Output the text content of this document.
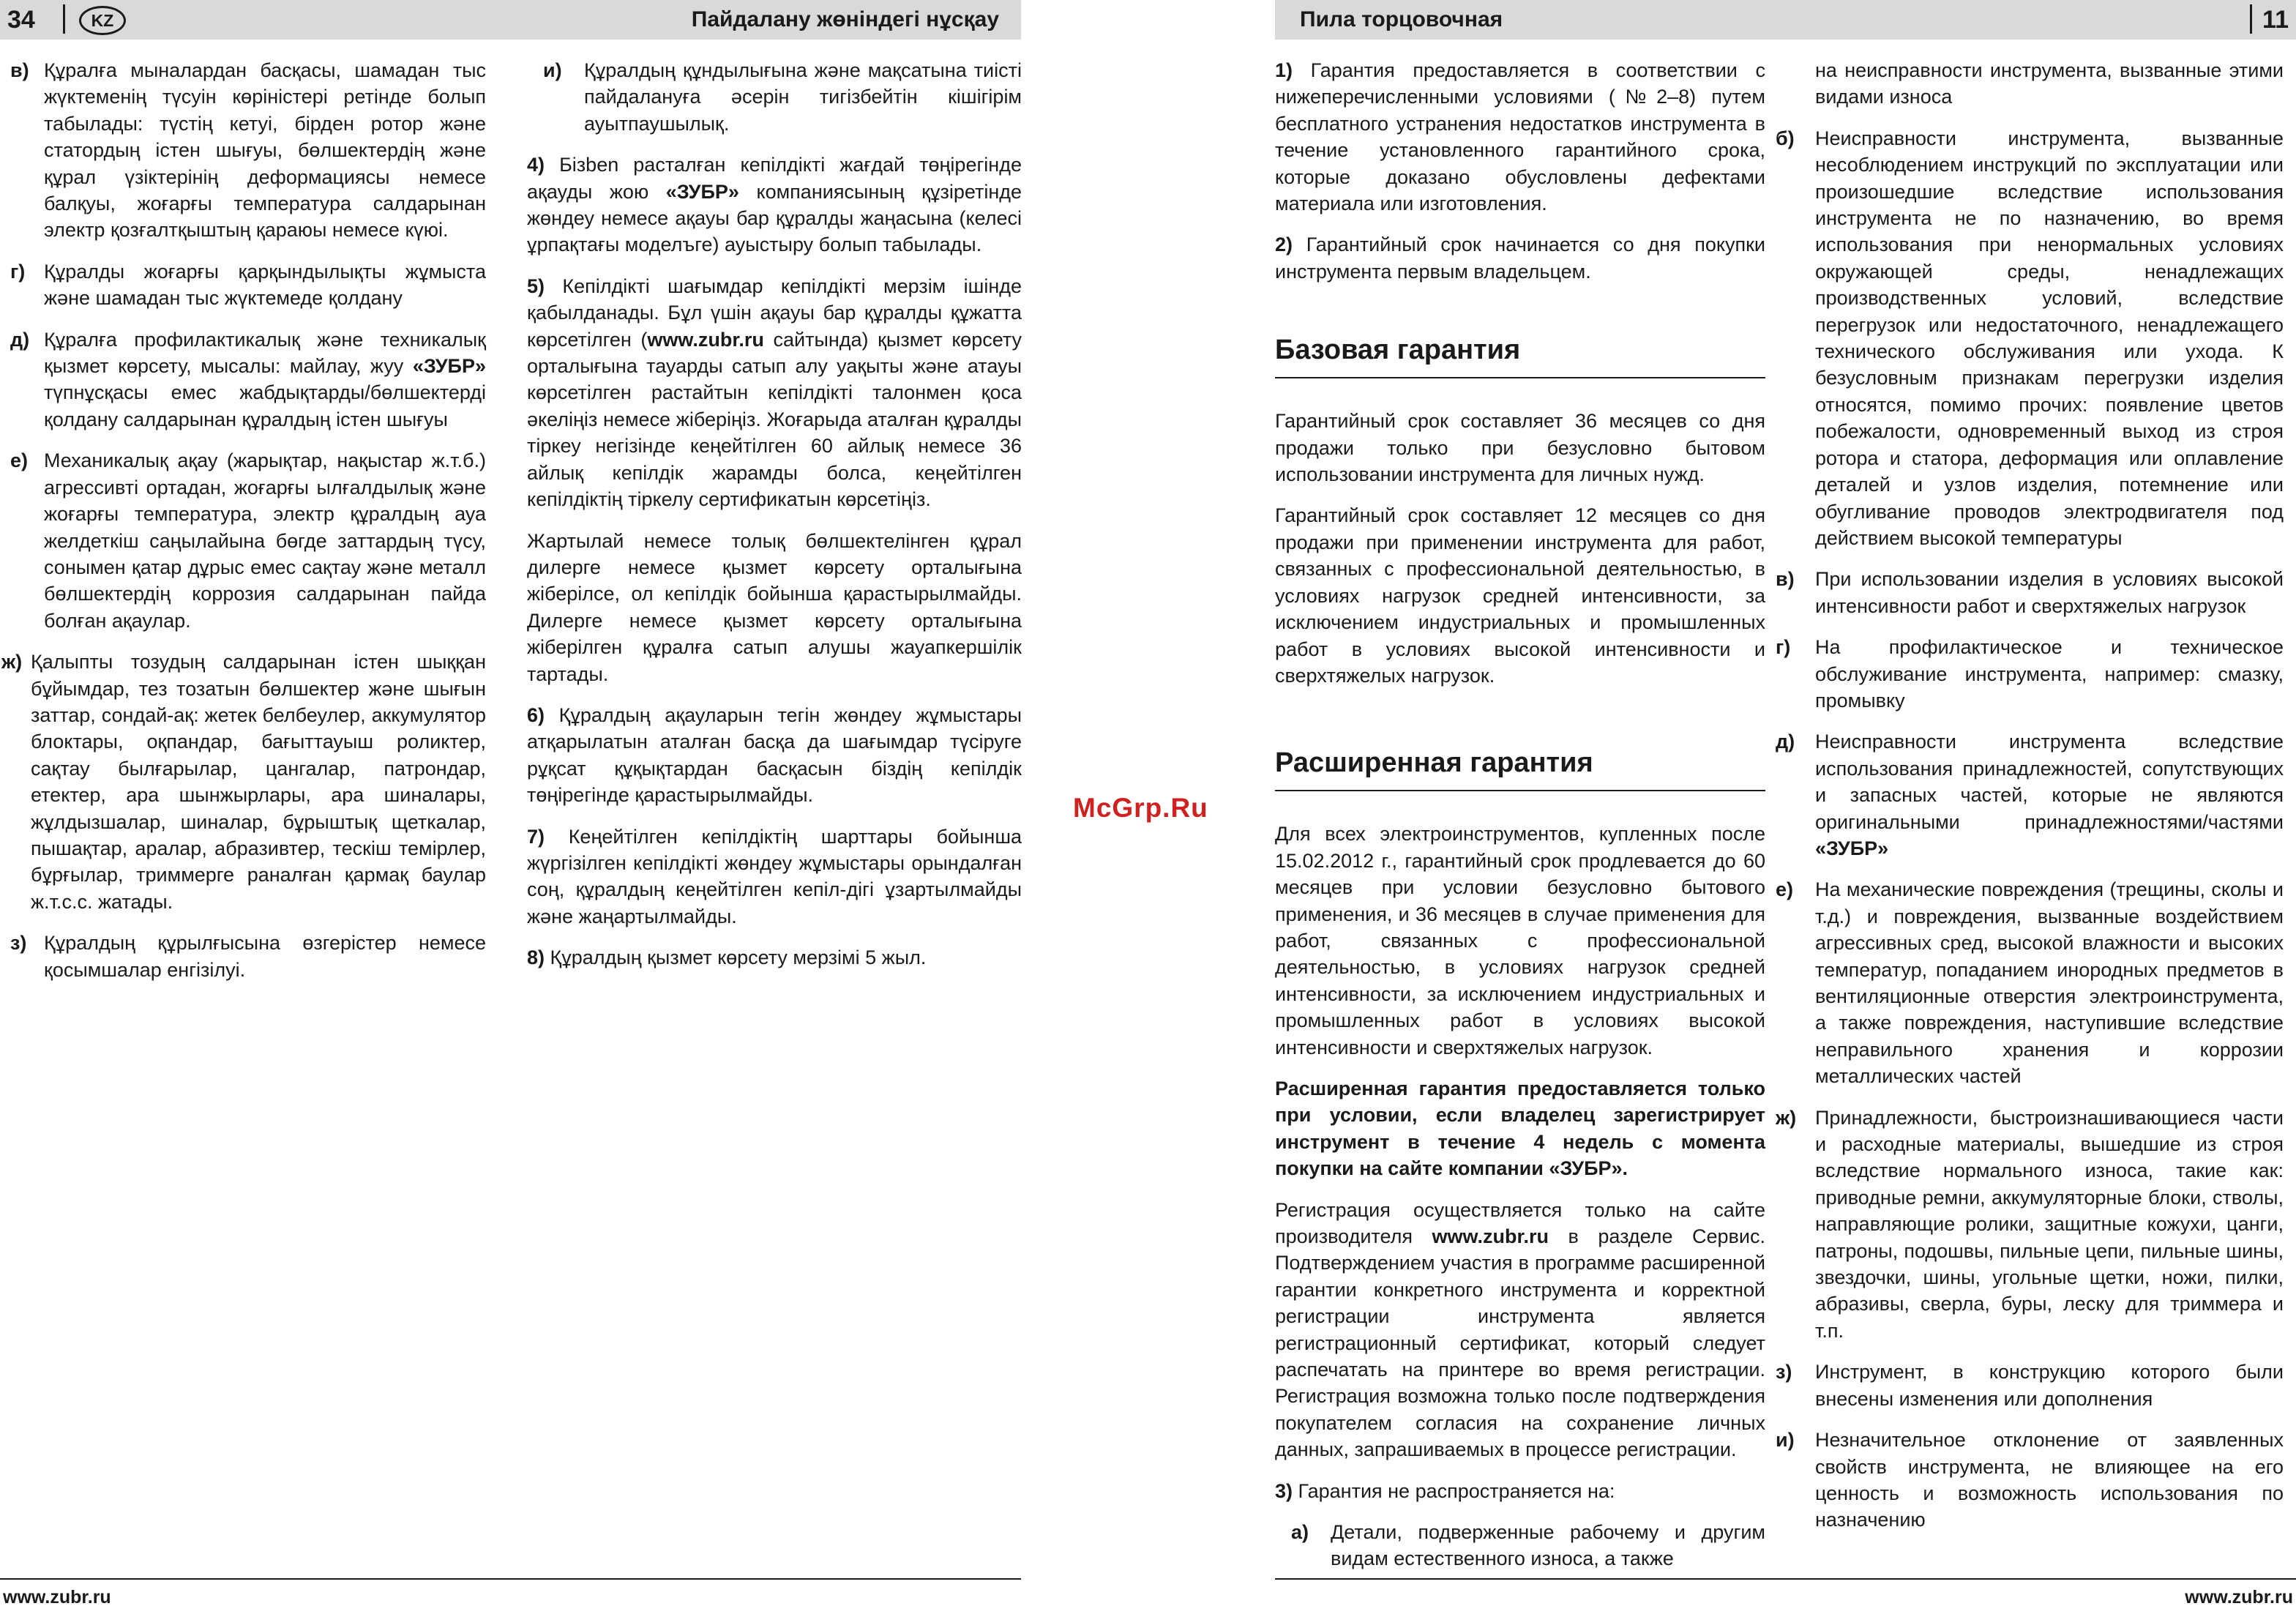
34	KZ	Пайдалану жөніндегі нұсқау
в) Құралға мыналардан басқасы, шамадан тыс жүктеменің түсуін көріністері ретінде болып табылады: түстің кетуі, бірден ротор және статордың істен шығуы, бөлшектердің және құрал үзіктерінің деформациясы немесе балқуы, жоғарғы температура салдарынан электр қозғалтқыштың қараюы немесе күюі.
г) Құралды жоғарғы қарқындылықты жұмыста және шамадан тыс жүктемеде қолдану
д) Құралға профилактикалық және техникалық қызмет көрсету, мысалы: майлау, жуу «ЗУБР» түпнұсқасы емес жабдықтарды/бөлшектерді қолдану салдарынан құралдың істен шығуы
е) Механикалық ақау (жарықтар, нақыстар ж.т.б.) агрессивті ортадан, жоғарғы ылғалдылық және жоғарғы температура, электр құралдың ауа желдеткіш саңылайына бөгде заттардың түсу, сонымен қатар дұрыс емес сақтау және металл бөлшектердің коррозия салдарынан пайда болған ақаулар.
ж) Қалыпты тозудың салдарынан істен шыққан бұйымдар, тез тозатын бөлшектер және шығын заттар, сондай-ақ: жетек белбеулер, аккумулятор блоктары, оқпандар, бағыттауыш роликтер, сақтау былғарылар, цангалар, патрондар, етектер, ара шынжырлары, ара шиналары, жұлдызшалар, шиналар, бұрыштық щеткалар, пышақтар, аралар, абразивтер, тескіш темірлер, бұрғылар, триммерге раналған қармақ баулар ж.т.с.с. жатады.
з) Құралдың құрылғысына өзгерістер немесе қосымшалар енгізілуі.
и)	Құралдың құндылығына және мақсатына тиісті пайдалануға әсерін тигізбейтін кішігірім ауытпаушылық.

4) Бізben расталған кепілдікті жағдай төңірегінде ақауды жою «ЗУБР» компаниясының құзіретінде жөндеу немесе ақауы бар құралды жаңасына (келесі ұрпақтағы моделъге) ауыстыру болып табылады.

5) Кепілдікті шағымдар кепілдікті мерзім ішінде қабылданады. Бұл үшін ақауы бар құралды құжатта көрсетілген (www.zubr.ru сайтында) қызмет көрсету орталығына тауарды сатып алу уақыты және атауы көрсетілген растайтын кепілдікті талонмен қоса әкеліңіз немесе жіберіңіз. Жоғарыда аталған құралды тіркеу негізінде кеңейтілген 60 айлық немесе 36 айлық кепілдік жарамды болса, кеңейтілген кепілдіктің тіркелу сертификатын көрсетіңіз.

Жартылай немесе толық бөлшектелінген құрал дилерге немесе қызмет көрсету орталығына жіберілсе, ол кепілдік бойынша қарастырылмайды. Дилерге немесе қызмет көрсету орталығына жіберілген құралға сатып алушы жауапкершілік тартады.

6) Құралдың ақауларын тегін жөндеу жұмыстары атқарылатын аталған басқа да шағымдар түсіруге рұқсат құқықтардан басқасын біздің кепілдік төңірегінде қарастырылмайды.

7) Кеңейтілген кепілдіктің шарттары бойынша жүргізілген кепілдікті жөндеу жұмыстары орындалған соң, құралдың кеңейтілген кепіл-дігі ұзартылмайды және жаңартылмайды.

8) Құралдың қызмет көрсету мерзімі 5 жыл.

www.zubr.ru
McGrp.Ru
Пила торцовочная	11

1) Гарантия предоставляется в соответствии с нижеперечисленными условиями (№2–8) путем бесплатного устранения недостатков инструмента в течение установленного гарантийного срока, которые доказано обусловлены дефектами материала или изготовления.

2) Гарантийный срок начинается со дня покупки инструмента первым владельцем.

Базовая гарантия

Гарантийный срок составляет 36 месяцев со дня продажи только при безусловно бытовом использовании инструмента для личных нужд.

Гарантийный срок составляет 12 месяцев со дня продажи при применении инструмента для работ, связанных с профессиональной деятельностью, в условиях нагрузок средней интенсивности, за исключением индустриальных и промышленных работ в условиях высокой интенсивности и сверхтяжелых нагрузок.

Расширенная гарантия

Для всех электроинструментов, купленных после 15.02.2012 г., гарантийный срок продлевается до 60 месяцев при условии безусловно бытового применения, и 36 месяцев в случае применения для работ, связанных с профессиональной деятельностью, в условиях нагрузок средней интенсивности, за исключением индустриальных и промышленных работ в условиях высокой интенсивности и сверхтяжелых нагрузок.

Расширенная гарантия предоставляется только при условии, если владелец зарегистрирует инструмент в течение 4 недель с момента покупки на сайте компании «ЗУБР».

Регистрация осуществляется только на сайте производителя www.zubr.ru в разделе Сервис. Подтверждением участия в программе расширенной гарантии конкретного инструмента и корректной регистрации инструмента является регистрационный сертификат, который следует распечатать на принтере во время регистрации. Регистрация возможна только после подтверждения покупателем согласия на сохранение личных данных, запрашиваемых в процессе регистрации.

3) Гарантия не распространяется на:

а)	Детали, подверженные рабочему и другим видам естественного износа, а также

на неисправности инструмента, вызванные этими видами износа

б)	Неисправности инструмента, вызванные несоблюдением инструкций по эксплуатации или произошедшие вследствие использования инструмента не по назначению, во время использования при ненормальных условиях окружающей среды, ненадлежащих производственных условий, вследствие перегрузок или недостаточного, ненадлежащего технического обслуживания или ухода. К безусловным признакам перегрузки изделия относятся, помимо прочих: появление цветов побежалости, одновременный выход из строя ротора и статора, деформация или оплавление деталей и узлов изделия, потемнение или обугливание проводов электродвигателя под действием высокой температуры
в)	При использовании изделия в условиях высокой интенсивности работ и сверхтяжелых нагрузок
г)	На профилактическое и техническое обслуживание инструмента, например: смазку, промывку
д)	Неисправности инструмента вследствие использования принадлежностей, сопутствующих и запасных частей, которые не являются оригинальными принадлежностями/частями «ЗУБР»
е)	На механические повреждения (трещины, сколы и т.д.) и повреждения, вызванные воздействием агрессивных сред, высокой влажности и высоких температур, попаданием инородных предметов в вентиляционные отверстия электроинструмента, а также повреждения, наступившие вследствие неправильного хранения и коррозии металлических частей
ж) Принадлежности, быстроизнашивающиеся части и расходные материалы, вышедшие из строя вследствие нормального износа, такие как: приводные ремни, аккумуляторные блоки, стволы, направляющие ролики, защитные кожухи, цанги, патроны, подошвы, пильные цепи, пильные шины, звездочки, шины, угольные щетки, ножи, пилки, абразивы, сверла, буры, леску для триммера и т.п.
з)	Инструмент, в конструкцию которого были внесены изменения или дополнения
и)	Незначительное отклонение от заявленных свойств инструмента, не влияющее на его ценность и возможность использования по назначению
www.zubr.ru
